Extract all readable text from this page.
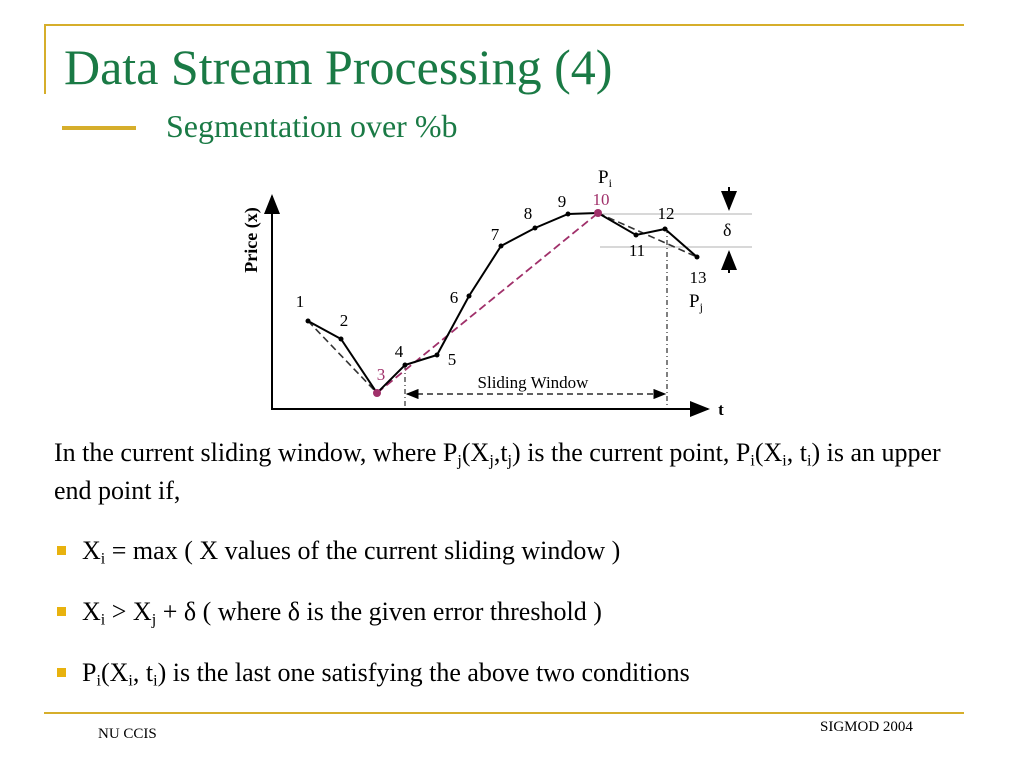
Data Stream Processing (4)
Segmentation over %b
Price (x)
t
δ
Sliding Window
1
2
3
4	5
6
7
8
9 10
11
12
13
$P_i$
$P_j$
In the current sliding window, where $P_j(X_j,t_j)$ is the current point, $P_i(X_i$, $t_i$) is an upper end point if,
$X_i = \max$ ( X values of the current sliding window )
$X_i > X_j + \delta$ ( where δ is the given error threshold )
$P_i(X_i$, $t_i$) is the last one satisfying the above two conditions
NU CCIS	SIGMOD 2004
